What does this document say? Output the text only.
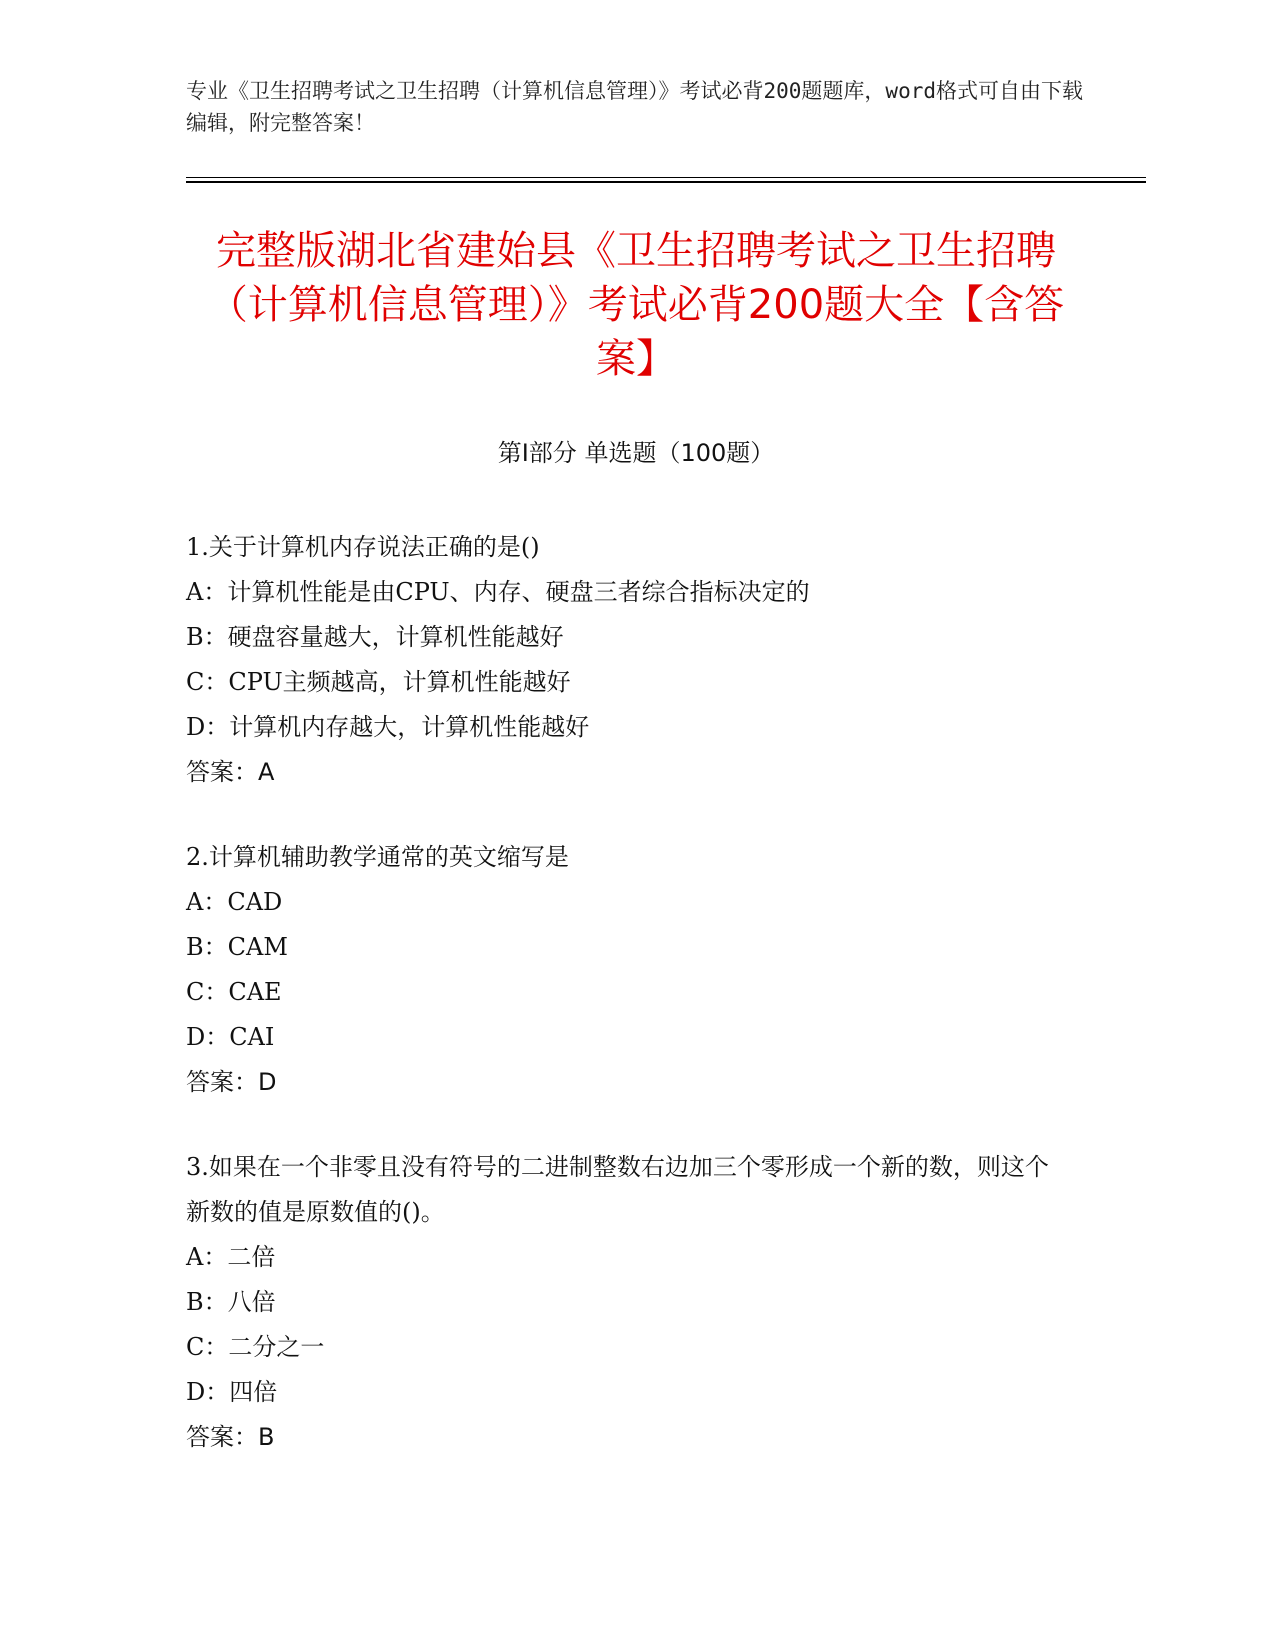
专业《卫生招聘考试之卫生招聘（计算机信息管理）》考试必背200题题库，word格式可自由下载编辑，附完整答案！
完整版湖北省建始县《卫生招聘考试之卫生招聘（计算机信息管理）》考试必背200题大全【含答案】
第Ⅰ部分 单选题（100题）

1.关于计算机内存说法正确的是()

A：计算机性能是由CPU、内存、硬盘三者综合指标决定的

B：硬盘容量越大，计算机性能越好

C：CPU主频越高，计算机性能越好

D：计算机内存越大，计算机性能越好

答案：A

2.计算机辅助教学通常的英文缩写是

A：CAD

B：CAM

C：CAE

D：CAI

答案：D

3.如果在一个非零且没有符号的二进制整数右边加三个零形成一个新的数，则这个新数的值是原数值的()。

A：二倍

B：八倍

C：二分之一

D：四倍

答案：B
